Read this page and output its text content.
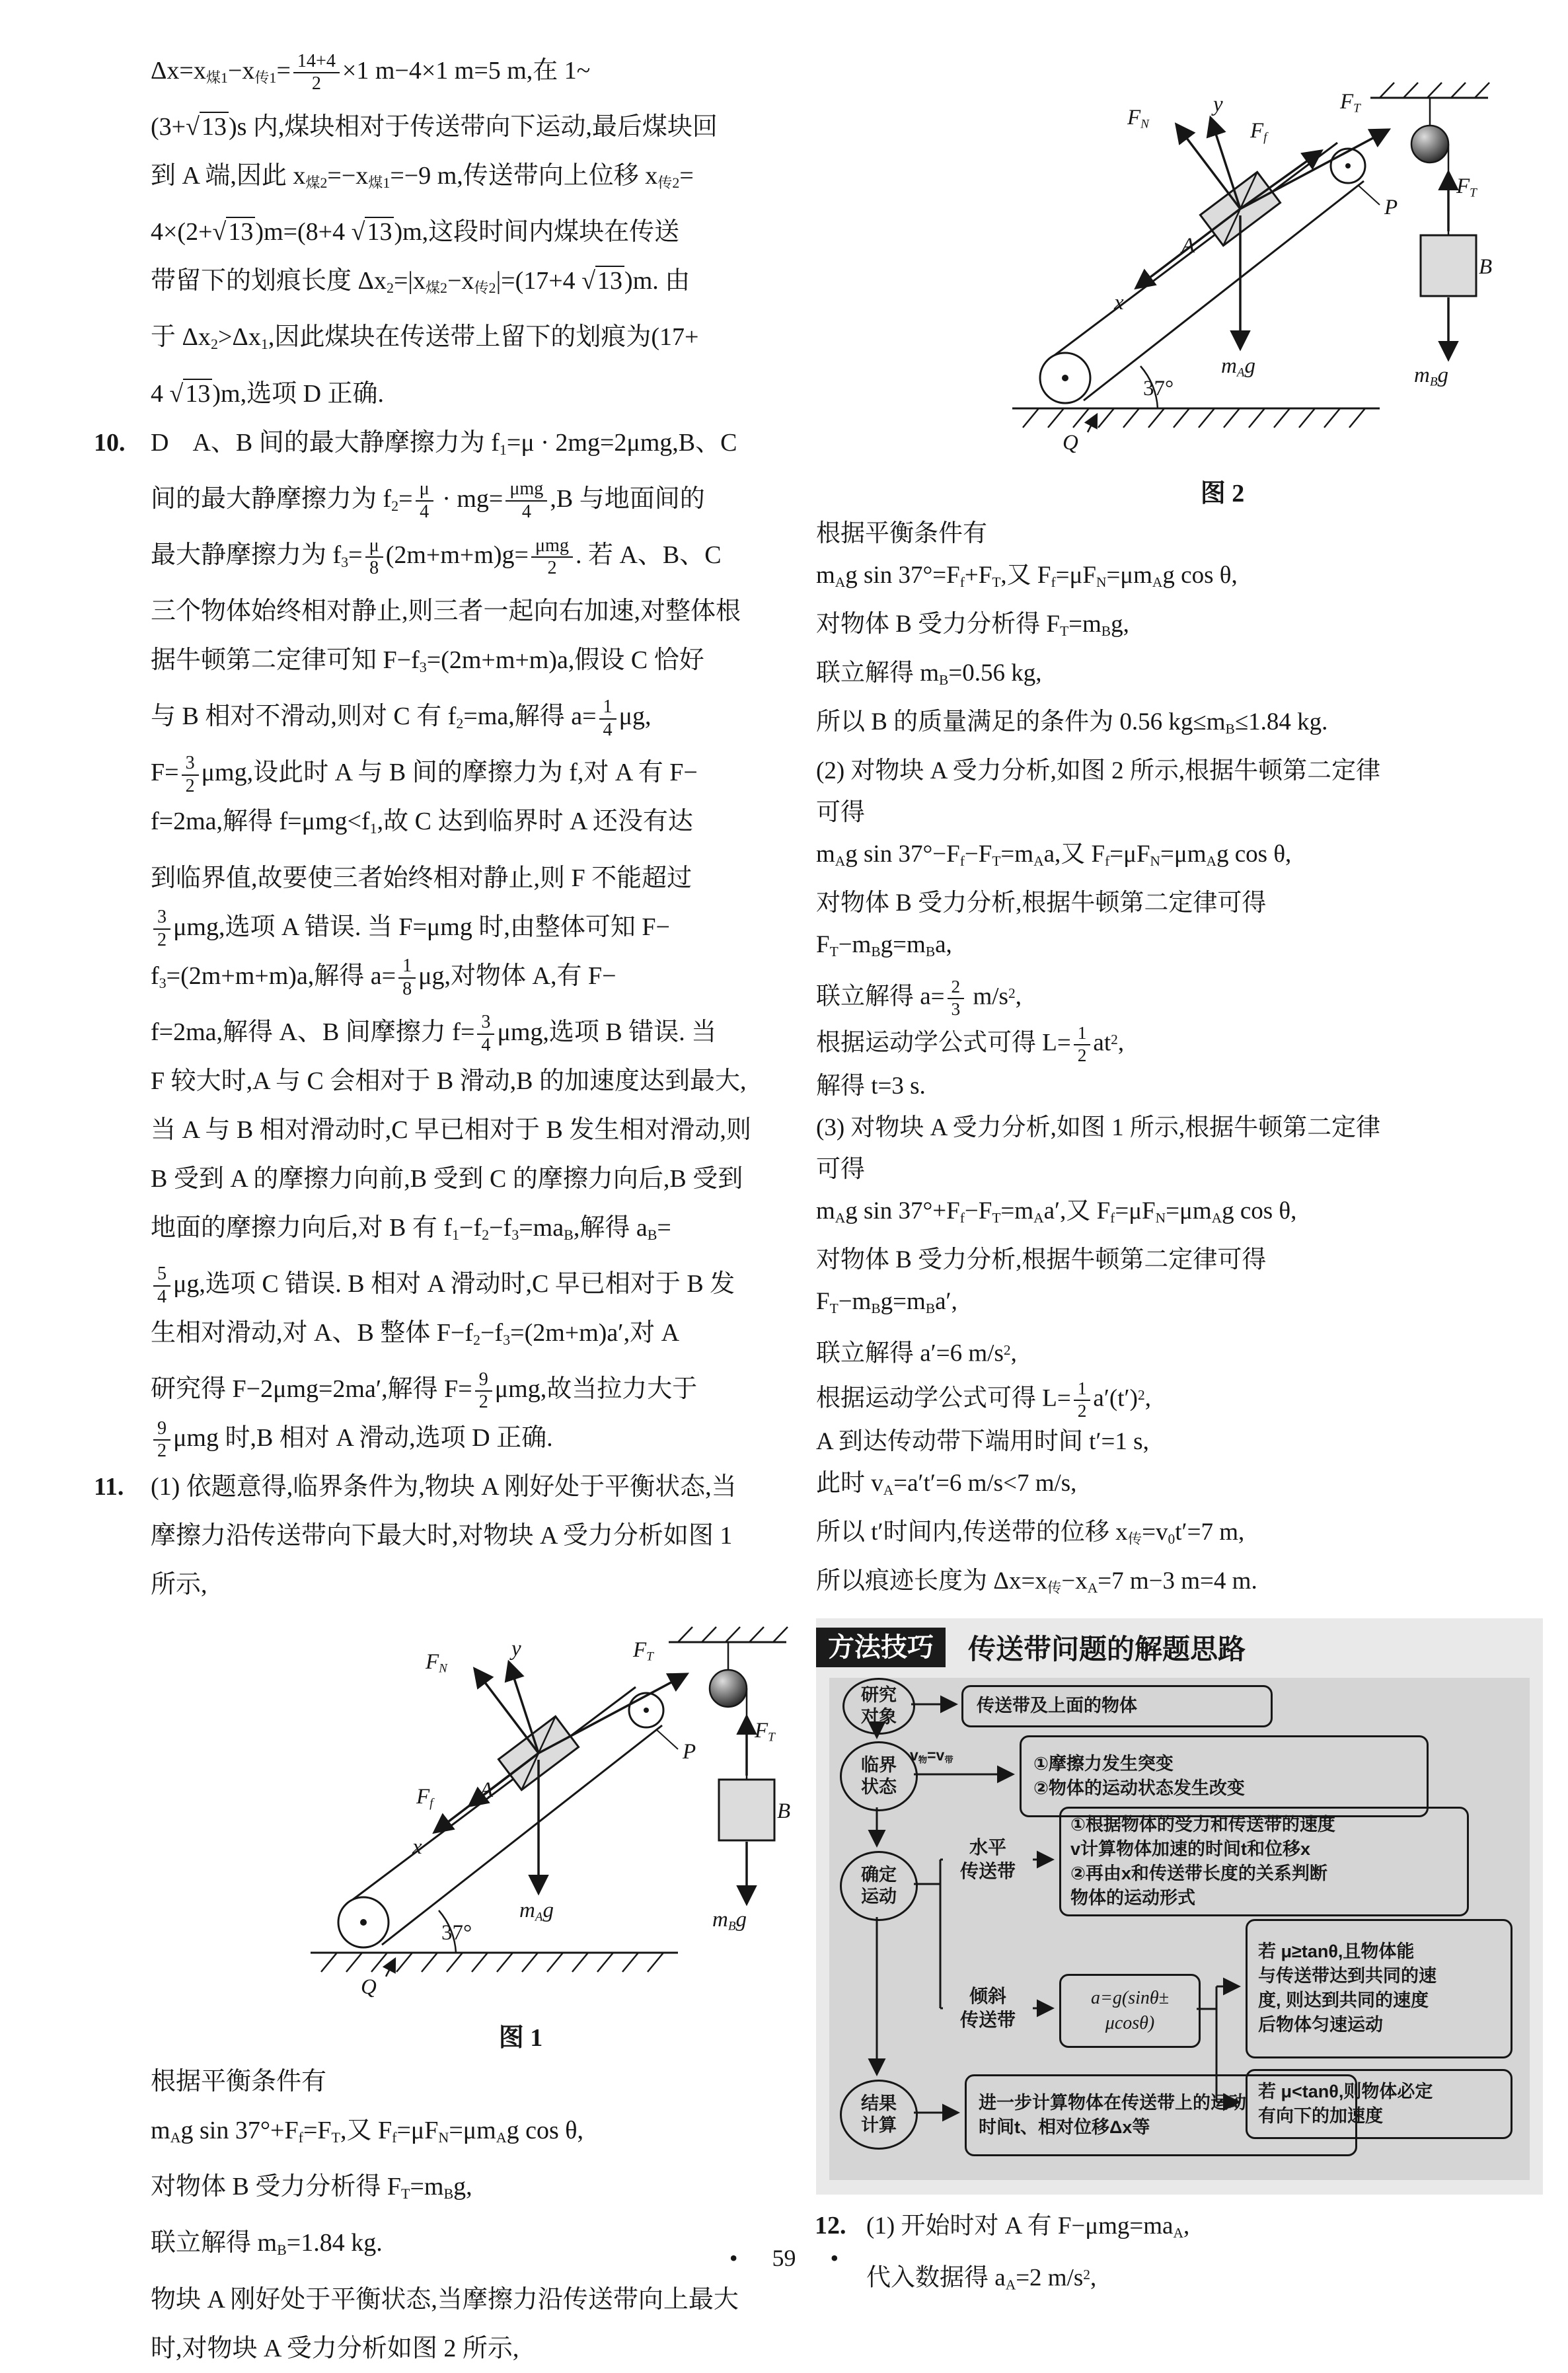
$\Delta x=x_{煤1}-x_{传1}= \frac{14+4}{2} \times 1$ m−4×1 m=5 m,在 1~
(3+√13)s 内,煤块相对于传送带向下运动,最后煤块回
到 A 端,因此 $x_{煤2}=-x_{煤1}=-9$ m,传送带向上位移 $x_{传2}=$
4×(2+√13)m=(8+4 √13)m,这段时间内煤块在传送
带留下的划痕长度 $\Delta x_2=|x_{煤2}-x_{传2}|=(17+4$ √13)m. 由
于 $\Delta x_2>\Delta x_1$,因此煤块在传送带上留下的划痕为(17+
4 √13)m,选项 D 正确.
10. D A、B 间的最大静摩擦力为 $f_1=\mu \cdot 2mg=2\mu mg,B$、C
间的最大静摩擦力为 $f_2= \frac{\mu}{4} \cdot mg= \mu mg$
4 ,B 与地面间的
最大静摩擦力为 $f_3= \frac{\mu}{8} (2m+m+m)g= \mu mg$
2 . 若 A、B、C
三个物体始终相对静止,则三者一起向右加速,对整体根
据牛顿第二定律可知 $F-f_3=(2m+m+m)a$,假设 C 恰好
与 B 相对不滑动,则对 C 有 $f_2=ma$,解得 $a= \frac{1}{4} \mu g$,
$F= \frac{3}{2} \mu mg$,设此时 A 与 B 间的摩擦力为 f,对 A 有 F−
f=2ma,解得 $f=\mu mg<f_1$,故 C 达到临界时 A 还没有达
到临界值,故要使三者始终相对静止,则 F 不能超过
$\frac{3}{2} \mu mg$,选项 A 错误. 当 F=μmg 时,由整体可知 F−
$f_3=(2m+m+m)a$,解得 $a= \frac{1}{8} \mu g$,对物体 A,有 F−
f=2ma,解得 A、B 间摩擦力 $f= \frac{3}{4} \mu mg$,选项 B 错误. 当
F 较大时,A 与 C 会相对于 B 滑动,B 的加速度达到最大,
当 A 与 B 相对滑动时,C 早已相对于 B 发生相对滑动,则
B 受到 A 的摩擦力向前,B 受到 C 的摩擦力向后,B 受到
地面的摩擦力向后,对 B 有 $f_1-f_2-f_3=ma_B$,解得 $a_B=$
$\frac{5}{4} \mu g$,选项 C 错误. B 相对 A 滑动时,C 早已相对于 B 发
生相对滑动,对 A、B 整体 $F-f_2-f_3=(2m+m)a'$,对 A
研究得 F−2μmg=2ma′,解得 $F= \frac{9}{2} \mu mg$,故当拉力大于
$\frac{9}{2}$ μmg 时,B 相对 A 滑动,选项 D 正确.
11. (1) 依题意得,临界条件为,物块 A 刚好处于平衡状态,当
摩擦力沿传送带向下最大时,对物块 A 受力分析如图 1
所示,
$F_N$
y	$F_T$
$F_f$
A
x
P
$m_Ag$
$F_T$
B
$m_Bg$
37°
Q
图 1
根据平衡条件有
$m_Ag$ $\sin 37^\circ+F_f=F_T$,又 $F_f=\mu F_N=\mu m_Ag$ cos θ,
对物体 B 受力分析得 $F_T=m_Bg$,
联立解得 $m_B=1.84$ kg.
物块 A 刚好处于平衡状态,当摩擦力沿传送带向上最大
时,对物块 A 受力分析如图 2 所示,
$F_N$
y
$F_f$
$F_T$
A
x
P
$m_Ag$
$F_T$
B
$m_Bg$
37°
Q
图 2
根据平衡条件有
$m_Ag$ $\sin 37^\circ=F_f+F_T$,又 $F_f=\mu F_N=\mu m_Ag$ cos θ,
对物体 B 受力分析得 $F_T=m_Bg$,
联立解得 $m_B=0.56$ kg,
所以 B 的质量满足的条件为 0.56 $kg\le m_B\le 1.84$ kg.
(2) 对物块 A 受力分析,如图 2 所示,根据牛顿第二定律
可得
$m_Ag$ $\sin 37^\circ-F_f-F_T=m_Aa$,又 $F_f=\mu F_N=\mu m_Ag$ cos θ,
对物体 B 受力分析,根据牛顿第二定律可得
$F_T-m_Bg=m_Ba$,
联立解得 $a= \frac{2}{3} m/s^2$,
根据运动学公式可得 $L= \frac{1}{2} at^2$,
解得 t=3 s.
(3) 对物块 A 受力分析,如图 1 所示,根据牛顿第二定律
可得
$m_Ag$ $\sin 37^\circ+F_f-F_T=m_Aa'$,又 $F_f=\mu F_N=\mu m_Ag$ cos θ,
对物体 B 受力分析,根据牛顿第二定律可得
$F_T-m_Bg=m_Ba'$,
联立解得 a′=6 $m/s^2$,
根据运动学公式可得 $L= \frac{1}{2} a'(t')^2$,
A 到达传动带下端用时间 t′=1 s,
此时 $v_A=a't'=6$ m/s<7 m/s,
所以 t′时间内,传送带的位移 $x_传=v_0t'=7$ m,
所以痕迹长度为 $\Delta x=x_传-x_A=7$ m−3 m=4 m.
方法技巧	传送带问题的解题思路
研究
对象
传送带及上面的物体
$v_物=v_带$
临界
状态
①摩擦力发生突变
②物体的运动状态发生改变
确定
运动
水平
传送带
①根据物体的受力和传送带的速度
v计算物体加速的时间t和位移x
②再由x和传送带长度的关系判断
物体的运动形式
倾斜
传送带
a=g(sinθ±
μcosθ)
若 μ≥tanθ,且物体能
与传送带达到共同的速
度, 则达到共同的速度
后物体匀速运动
若 μ<tanθ,则物体必定
有向下的加速度
结果
计算
进一步计算物体在传送带上的运动
时间t、相对位移Δx等
12. (1) 开始时对 A 有 $F-\mu mg=ma_A$,
代入数据得 $a_A=2$ $m/s^2$,
• 59 •
